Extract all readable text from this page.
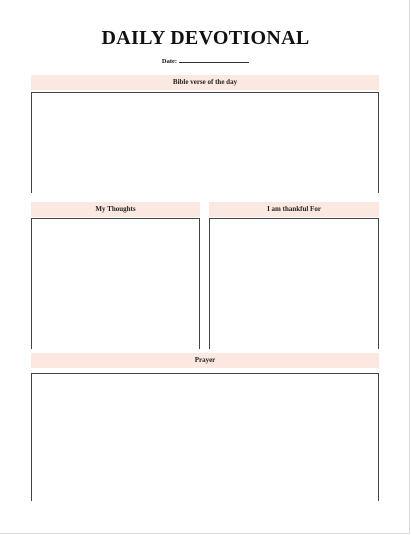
DAILY DEVOTIONAL
Date:
Bible verse of the day
My Thoughts	I am thankful For
Prayer
